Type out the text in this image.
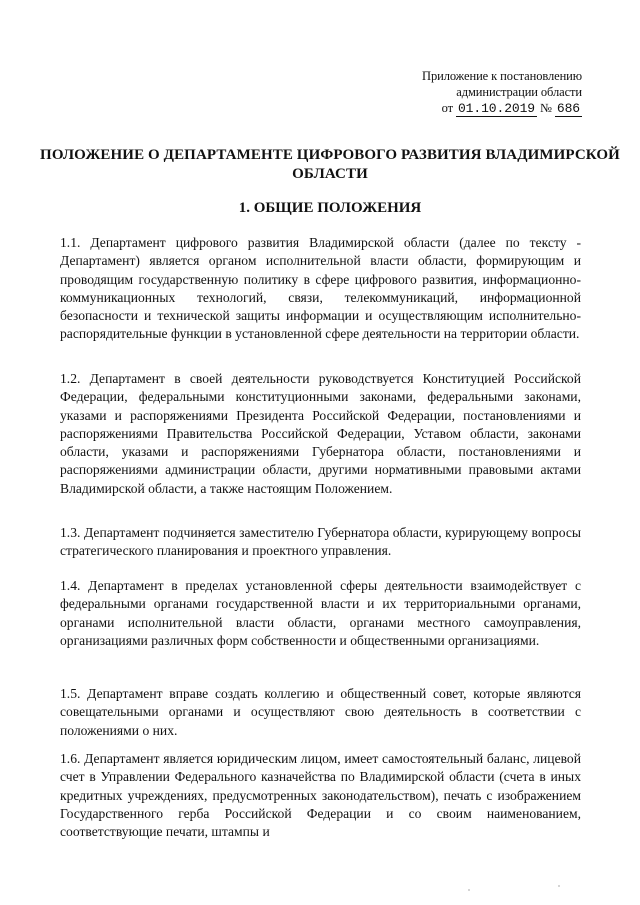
Приложение к постановлению
администрации области
от 01.10.2019 № 686
ПОЛОЖЕНИЕ О ДЕПАРТАМЕНТЕ ЦИФРОВОГО РАЗВИТИЯ ВЛАДИМИРСКОЙ ОБЛАСТИ
1. ОБЩИЕ ПОЛОЖЕНИЯ

1.1. Департамент цифрового развития Владимирской области (далее по тексту - Департамент) является органом исполнительной власти области, формирующим и проводящим государственную политику в сфере цифрового развития, информационно-коммуникационных технологий, связи, телекоммуникаций, информационной безопасности и технической защиты информации и осуществляющим исполнительно-распорядительные функции в установленной сфере деятельности на территории области.

1.2. Департамент в своей деятельности руководствуется Конституцией Российской Федерации, федеральными конституционными законами, федеральными законами, указами и распоряжениями Президента Российской Федерации, постановлениями и распоряжениями Правительства Российской Федерации, Уставом области, законами области, указами и распоряжениями Губернатора области, постановлениями и распоряжениями администрации области, другими нормативными правовыми актами Владимирской области, а также настоящим Положением.

1.3. Департамент подчиняется заместителю Губернатора области, курирующему вопросы стратегического планирования и проектного управления.

1.4. Департамент в пределах установленной сферы деятельности взаимодействует с федеральными органами государственной власти и их территориальными органами, органами исполнительной власти области, органами местного самоуправления, организациями различных форм собственности и общественными организациями.

1.5. Департамент вправе создать коллегию и общественный совет, которые являются совещательными органами и осуществляют свою деятельность в соответствии с положениями о них.

1.6. Департамент является юридическим лицом, имеет самостоятельный баланс, лицевой счет в Управлении Федерального казначейства по Владимирской области (счета в иных кредитных учреждениях, предусмотренных законодательством), печать с изображением Государственного герба Российской Федерации и со своим наименованием, соответствующие печати, штампы и
